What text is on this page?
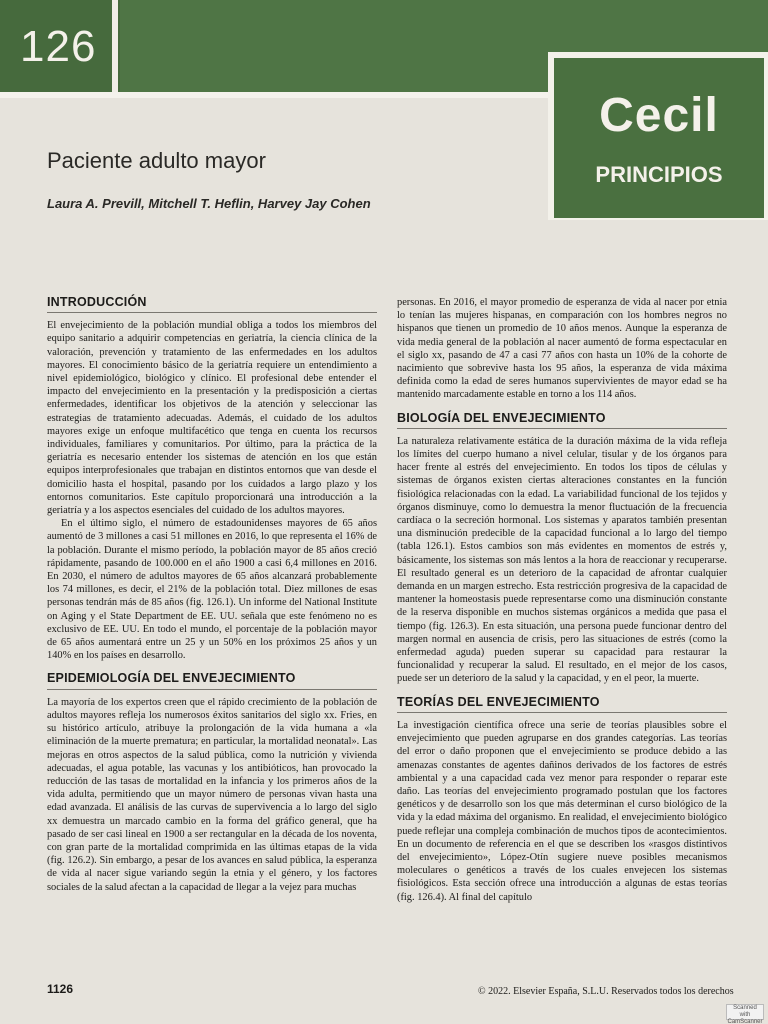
126
Cecil
PRINCIPIOS
Paciente adulto mayor
Laura A. Previll, Mitchell T. Heflin, Harvey Jay Cohen
INTRODUCCIÓN

El envejecimiento de la población mundial obliga a todos los miembros del equipo sanitario a adquirir competencias en geriatría, la ciencia clínica de la valoración, prevención y tratamiento de las enfermedades en los adultos mayores. El conocimiento básico de la geriatría requiere un entendimiento a nivel epidemiológico, biológico y clínico. El profesional debe entender el impacto del envejecimiento en la presentación y la predisposición a ciertas enfermedades, identificar los objetivos de la atención y seleccionar las estrategias de tratamiento adecuadas. Además, el cuidado de los adultos mayores exige un enfoque multifacético que tenga en cuenta los recursos individuales, familiares y comunitarios. Por último, para la práctica de la geriatría es necesario entender los sistemas de atención en los que están equipos interprofesionales que trabajan en distintos entornos que van desde el domicilio hasta el hospital, pasando por los cuidados a largo plazo y los entornos comunitarios. Este capítulo proporcionará una introducción a la geriatría y a los aspectos esenciales del cuidado de los adultos mayores.

En el último siglo, el número de estadounidenses mayores de 65 años aumentó de 3 millones a casi 51 millones en 2016, lo que representa el 16% de la población. Durante el mismo período, la población mayor de 85 años creció rápidamente, pasando de 100.000 en el año 1900 a casi 6,4 millones en 2016. En 2030, el número de adultos mayores de 65 años alcanzará probablemente los 74 millones, es decir, el 21% de la población total. Diez millones de esas personas tendrán más de 85 años (fig. 126.1). Un informe del National Institute on Aging y el State Department de EE. UU. señala que este fenómeno no es exclusivo de EE. UU. En todo el mundo, el porcentaje de la población mayor de 65 años aumentará entre un 25 y un 50% en los próximos 25 años y un 140% en los países en desarrollo.

EPIDEMIOLOGÍA DEL ENVEJECIMIENTO

La mayoría de los expertos creen que el rápido crecimiento de la población de adultos mayores refleja los numerosos éxitos sanitarios del siglo xx. Fries, en su histórico artículo, atribuye la prolongación de la vida humana a «la eliminación de la muerte prematura; en particular, la mortalidad neonatal». Las mejoras en otros aspectos de la salud pública, como la nutrición y vivienda adecuadas, el agua potable, las vacunas y los antibióticos, han provocado la reducción de las tasas de mortalidad en la infancia y los primeros años de la vida adulta, permitiendo que un mayor número de personas vivan hasta una edad avanzada. El análisis de las curvas de supervivencia a lo largo del siglo xx demuestra un marcado cambio en la forma del gráfico general, que ha pasado de ser casi lineal en 1900 a ser rectangular en la década de los noventa, con gran parte de la mortalidad comprimida en las últimas etapas de la vida (fig. 126.2). Sin embargo, a pesar de los avances en salud pública, la esperanza de vida al nacer sigue variando según la etnia y el género, y los factores sociales de la salud afectan a la capacidad de llegar a la vejez para muchas

personas. En 2016, el mayor promedio de esperanza de vida al nacer por etnia lo tenían las mujeres hispanas, en comparación con los hombres negros no hispanos que tienen un promedio de 10 años menos. Aunque la esperanza de vida media general de la población al nacer aumentó de forma espectacular en el siglo xx, pasando de 47 a casi 77 años con hasta un 10% de la cohorte de nacimiento que sobrevive hasta los 95 años, la esperanza de vida máxima definida como la edad de seres humanos supervivientes de mayor edad se ha mantenido marcadamente estable en torno a los 114 años.

BIOLOGÍA DEL ENVEJECIMIENTO

La naturaleza relativamente estática de la duración máxima de la vida refleja los límites del cuerpo humano a nivel celular, tisular y de los órganos para hacer frente al estrés del envejecimiento. En todos los tipos de células y sistemas de órganos existen ciertas alteraciones constantes en la función fisiológica relacionadas con la edad. La variabilidad funcional de los tejidos y órganos disminuye, como lo demuestra la menor fluctuación de la frecuencia cardíaca o la secreción hormonal. Los sistemas y aparatos también presentan una disminución predecible de la capacidad funcional a lo largo del tiempo (tabla 126.1). Estos cambios son más evidentes en momentos de estrés y, básicamente, los sistemas son más lentos a la hora de reaccionar y recuperarse. El resultado general es un deterioro de la capacidad de afrontar cualquier demanda en un margen estrecho. Esta restricción progresiva de la capacidad de mantener la homeostasis puede representarse como una disminución constante de la reserva disponible en muchos sistemas orgánicos a medida que pasa el tiempo (fig. 126.3). En esta situación, una persona puede funcionar dentro del margen normal en ausencia de crisis, pero las situaciones de estrés (como la enfermedad aguda) pueden superar su capacidad para restaurar la funcionalidad y recuperar la salud. El resultado, en el mejor de los casos, puede ser un deterioro de la salud y la capacidad, y en el peor, la muerte.

TEORÍAS DEL ENVEJECIMIENTO

La investigación científica ofrece una serie de teorías plausibles sobre el envejecimiento que pueden agruparse en dos grandes categorías. Las teorías del error o daño proponen que el envejecimiento se produce debido a las amenazas constantes de agentes dañinos derivados de los factores de estrés ambiental y a una capacidad cada vez menor para responder o reparar este daño. Las teorías del envejecimiento programado postulan que los factores genéticos y de desarrollo son los que más determinan el curso biológico de la vida y la edad máxima del organismo. En realidad, el envejecimiento biológico puede reflejar una compleja combinación de muchos tipos de acontecimientos. En un documento de referencia en el que se describen los «rasgos distintivos del envejecimiento», López-Otín sugiere nueve posibles mecanismos moleculares o genéticos a través de los cuales envejecen los sistemas fisiológicos. Esta sección ofrece una introducción a algunas de estas teorías (fig. 126.4). Al final del capítulo

1126	© 2022. Elsevier España, S.L.U. Reservados todos los derechos
Scanned with CamScanner
